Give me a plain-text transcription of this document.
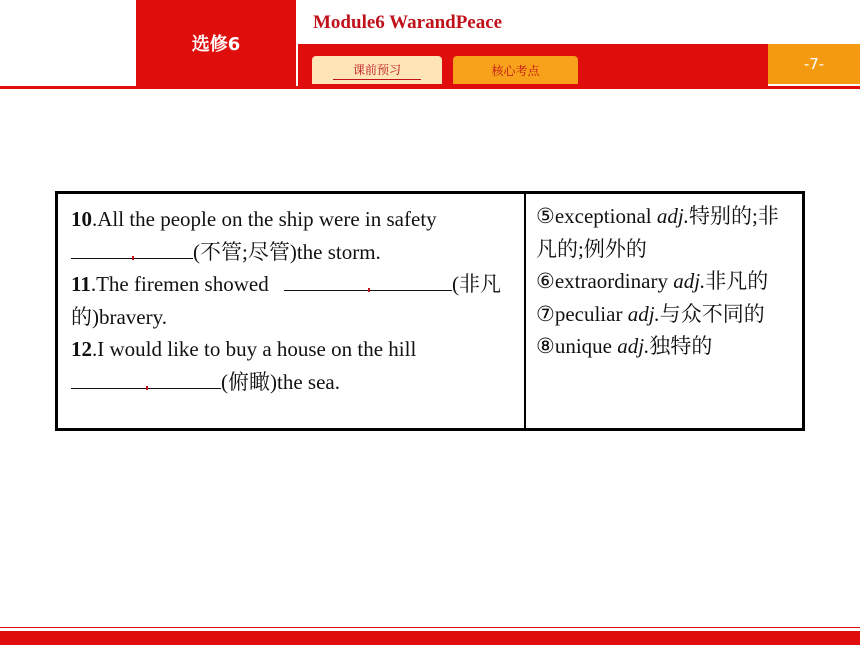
选修6
Module6 WarandPeace
课前预习	核心考点	-7-

10.All the people on the ship were in safety
(不管;尽管)the storm.

11.The firemen showed	(非凡的)bravery.

12.I would like to buy a house on the hill
(俯瞰)the sea.

⑤exceptional adj.特别的;非凡的;例外的

⑥extraordinary adj.非凡的

⑦peculiar adj.与众不同的

⑧unique adj.独特的
